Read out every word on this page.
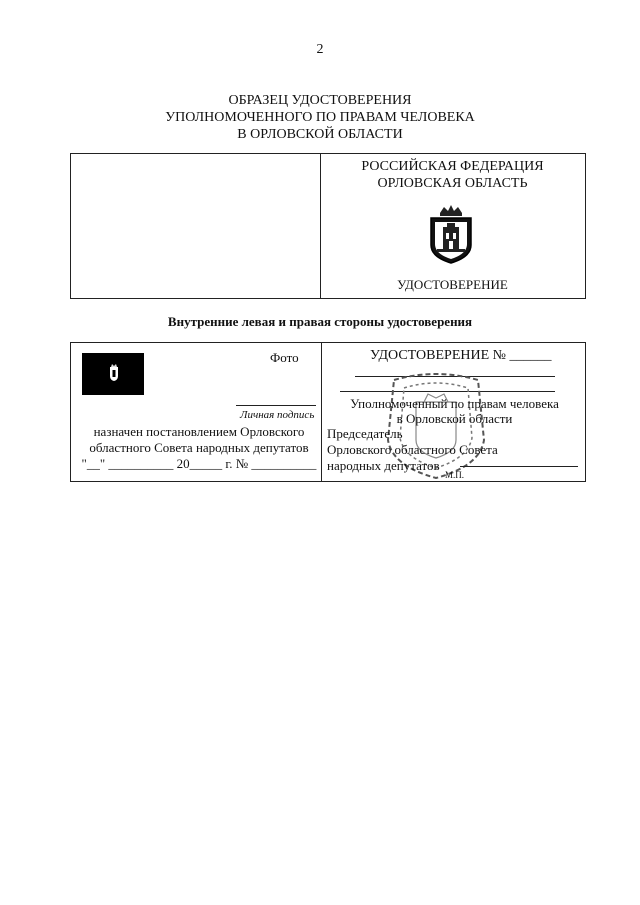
2
ОБРАЗЕЦ УДОСТОВЕРЕНИЯ
УПОЛНОМОЧЕННОГО ПО ПРАВАМ ЧЕЛОВЕКА
В ОРЛОВСКОЙ ОБЛАСТИ
РОССИЙСКАЯ ФЕДЕРАЦИЯ
ОРЛОВСКАЯ ОБЛАСТЬ
УДОСТОВЕРЕНИЕ
Внутренние левая и правая стороны удостоверения
Фото
Личная подпись
назначен постановлением Орловского
областного Совета народных депутатов
"__" __________ 20_____ г. № __________
УДОСТОВЕРЕНИЕ № ______
Уполномоченный по правам человека
в Орловской области
Председатель
Орловского областного Совета
народных депутатов
М.П.
